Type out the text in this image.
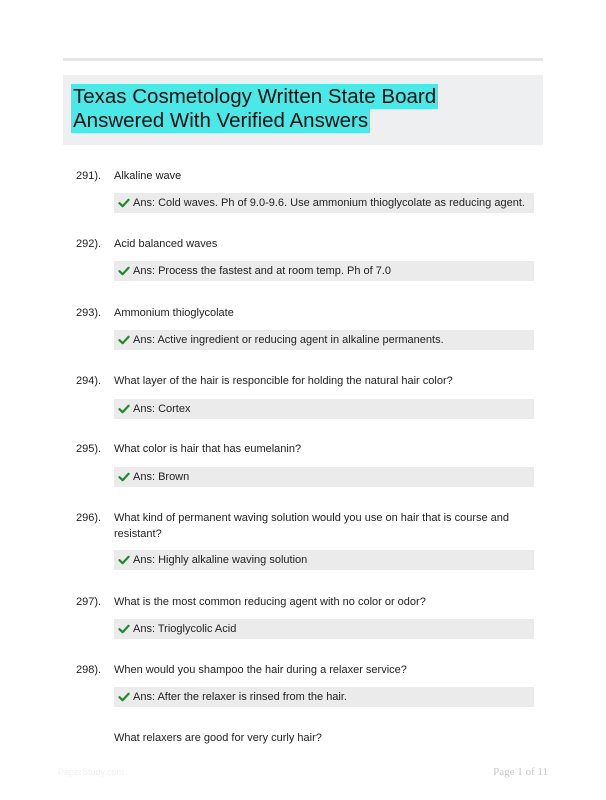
Texas Cosmetology Written State Board
Answered With Verified Answers
291). Alkaline wave
Ans: Cold waves. Ph of 9.0-9.6. Use ammonium thioglycolate as reducing agent.
292). Acid balanced waves
Ans: Process the fastest and at room temp. Ph of 7.0
293). Ammonium thioglycolate
Ans: Active ingredient or reducing agent in alkaline permanents.
294). What layer of the hair is responcible for holding the natural hair color?
Ans: Cortex
295). What color is hair that has eumelanin?
Ans: Brown
296). What kind of permanent waving solution would you use on hair that is course and resistant?
Ans: Highly alkaline waving solution
297). What is the most common reducing agent with no color or odor?
Ans: Trioglycolic Acid
298). When would you shampoo the hair during a relaxer service?
Ans: After the relaxer is rinsed from the hair.
What relaxers are good for very curly hair?
PaperStudy.com	Page 1 of 11
